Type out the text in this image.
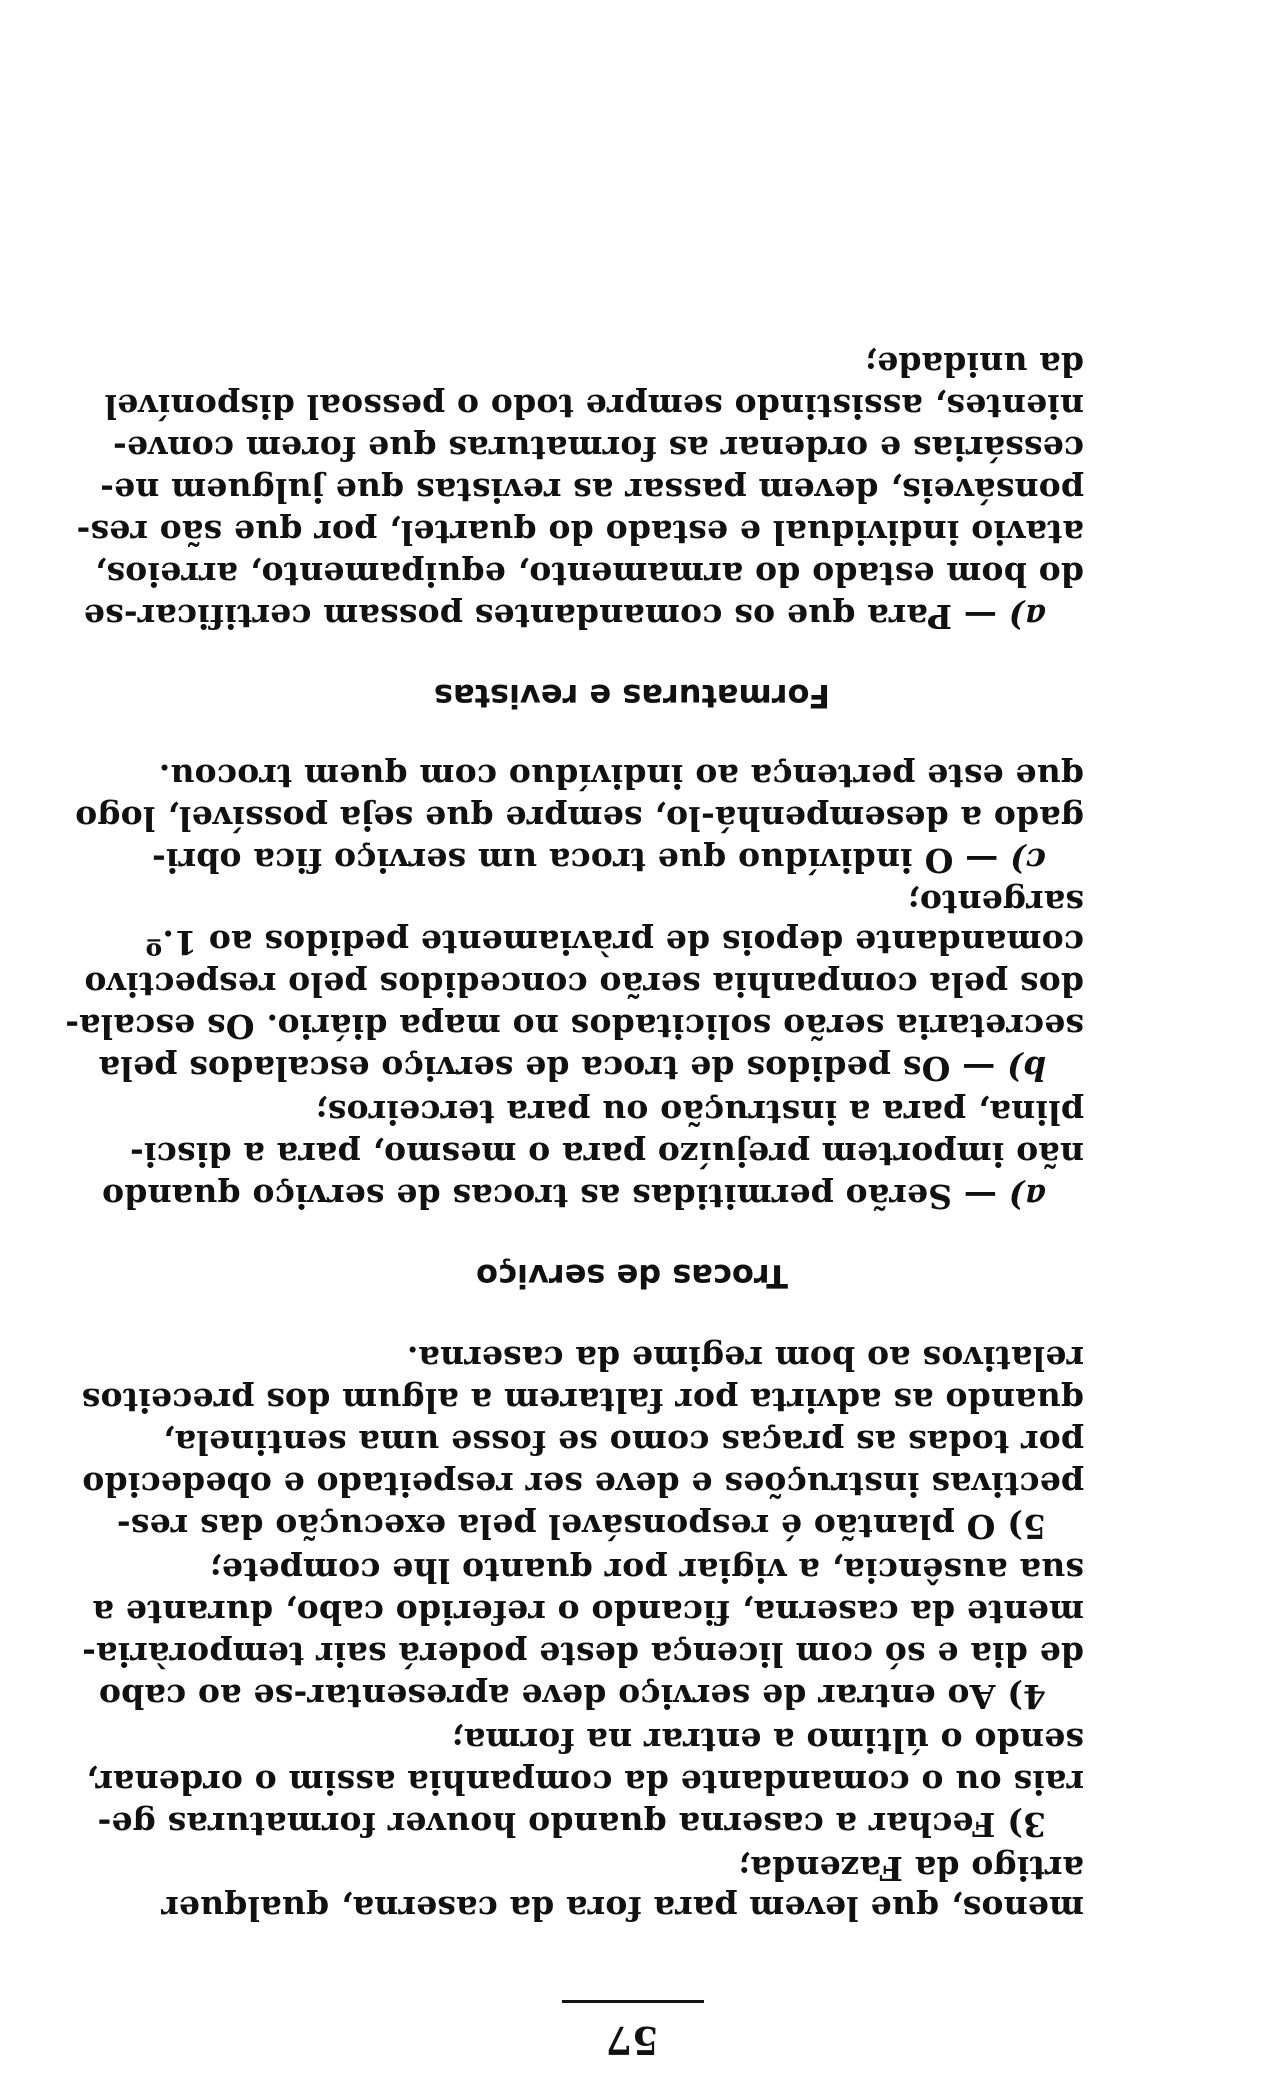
57
menos, que levem para fora da caserna, qualquer
artigo da Fazenda;
3) Fechar a caserna quando houver formaturas ge-
rais ou o comandante da companhia assim o ordenar,
sendo o último a entrar na forma;
4) Ao entrar de serviço deve apresentar-se ao cabo
de dia e só com licença deste poderá sair temporària-
mente da caserna, ficando o referido cabo, durante a
sua ausência, a vigiar por quanto lhe compete;
5) O plantão é responsável pela execução das res-
pectivas instruções e deve ser respeitado e obedecido
por todas as praças como se fosse uma sentinela,
quando as advirta por faltarem a algum dos preceitos
relativos ao bom regime da caserna.
Trocas de serviço
a) — Serão permitidas as trocas de serviço quando
não importem prejuízo para o mesmo, para a disci-
plina, para a instrução ou para terceiros;
b) — Os pedidos de troca de serviço escalados pela
secretaria serão solicitados no mapa diário. Os escala-
dos pela companhia serão concedidos pelo respectivo
comandante depois de pràviamente pedidos ao 1.º
sargento;
c) — O indivíduo que troca um serviço fica obri-
gado a desempenhá-lo, sempre que seja possível, logo
que este pertença ao indivíduo com quem trocou.
Formaturas e revistas
a) — Para que os comandantes possam certificar-se
do bom estado do armamento, equipamento, arreios,
atavio individual e estado do quartel, por que são res-
ponsáveis, devem passar as revistas que julguem ne-
cessárias e ordenar as formaturas que forem conve-
nientes, assistindo sempre todo o pessoal disponível
da unidade;
